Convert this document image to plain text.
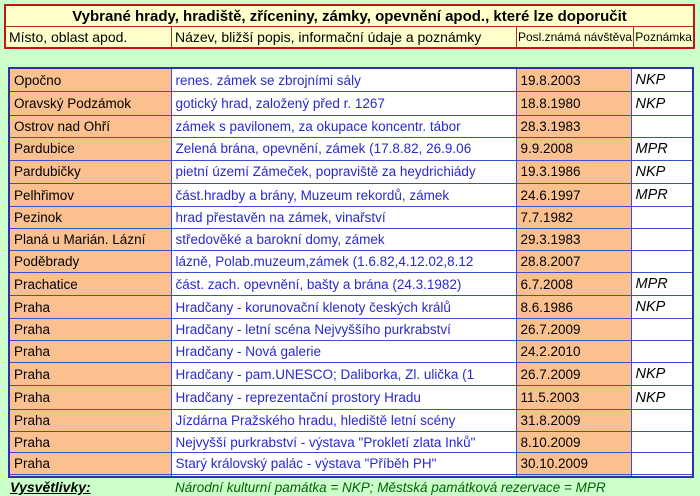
Vybrané hrady, hradiště, zříceniny, zámky, opevnění apod., které lze doporučit
Místo, oblast apod.	Název, bližší popis, informační údaje a poznámky	Posl.známá návštěva	Poznámka
Opočno	renes. zámek se zbrojními sály	19.8.2003	NKP
Oravský Podzámok	gotický hrad, založený před r. 1267	18.8.1980	NKP
Ostrov nad Ohří	zámek s pavilonem, za okupace koncentr. tábor	28.3.1983	
Pardubice	Zelená brána, opevnění, zámek (17.8.82, 26.9.06	9.9.2008	MPR
Pardubičky	pietní území Zámeček, popraviště za heydrichiády	19.3.1986	NKP
Pelhřimov	část.hradby a brány, Muzeum rekordů, zámek	24.6.1997	MPR
Pezinok	hrad přestavěn na zámek, vinařství	7.7.1982	
Planá u Marián. Lázní	středověké a barokní domy, zámek	29.3.1983	
Poděbrady	lázně, Polab.muzeum,zámek (1.6.82,4.12.02,8.12	28.8.2007	
Prachatice	část. zach. opevnění, bašty a brána (24.3.1982)	6.7.2008	MPR
Praha	Hradčany - korunovační klenoty českých králů	8.6.1986	NKP
Praha	Hradčany - letní scéna Nejvyššího purkrabství	26.7.2009	
Praha	Hradčany - Nová galerie	24.2.2010	
Praha	Hradčany - pam.UNESCO; Daliborka, Zl. ulička (1	26.7.2009	NKP
Praha	Hradčany - reprezentační prostory Hradu	11.5.2003	NKP
Praha	Jízdárna Pražského hradu, hlediště letní scény	31.8.2009	
Praha	Nejvyšší purkrabství - výstava "Prokletí zlata Inků"	8.10.2009	
Praha	Starý královský palác - výstava "Příběh PH"	30.10.2009	

Vysvětlivky:	Národní kulturní památka = NKP; Městská památková rezervace = MPR
